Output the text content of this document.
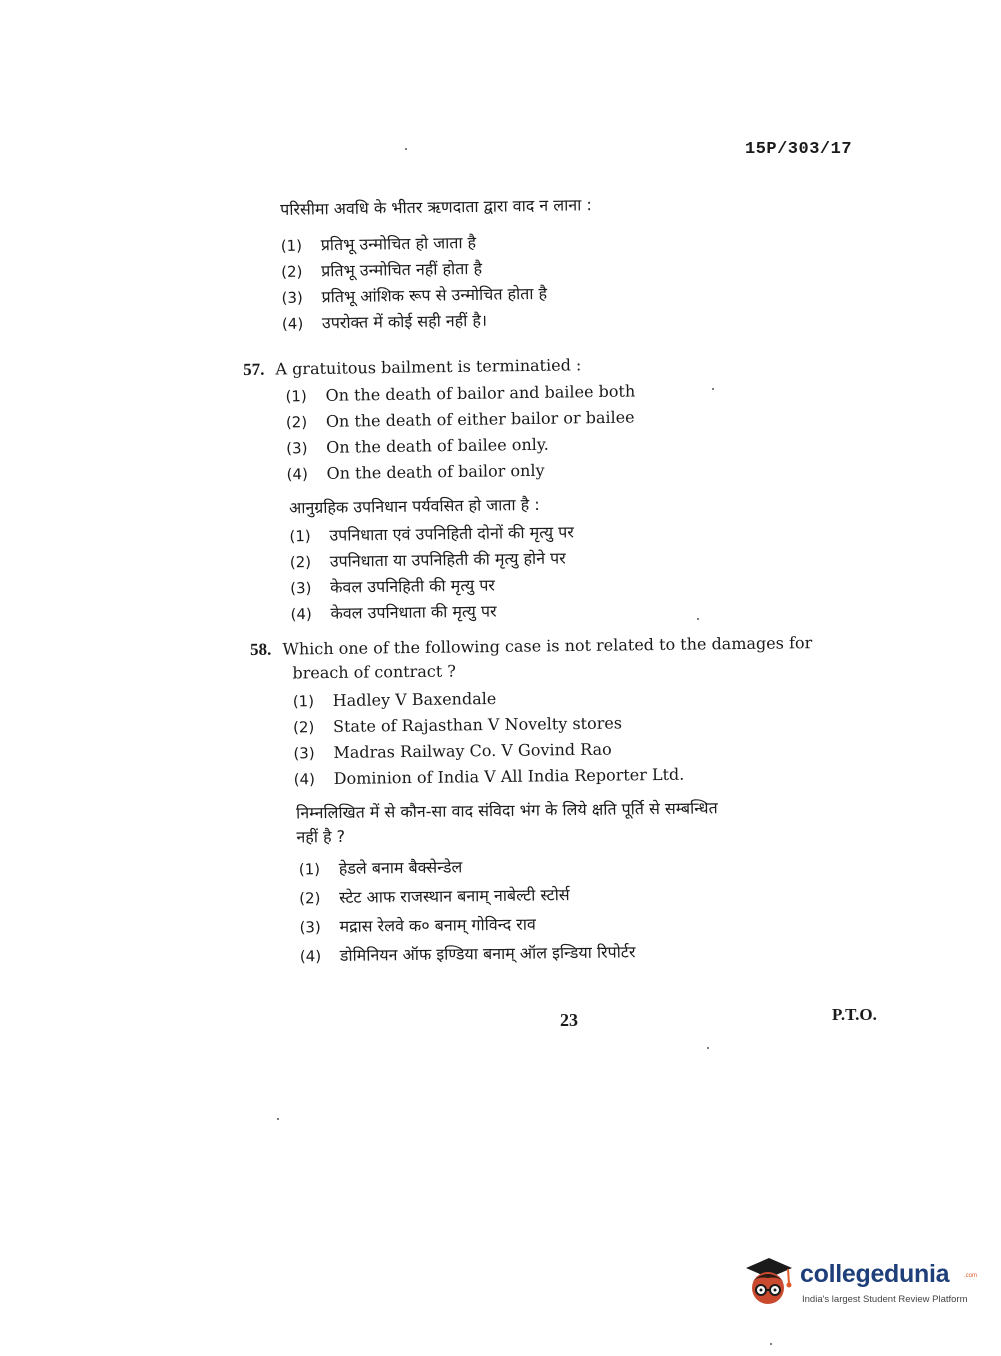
15P/303/17
परिसीमा अवधि के भीतर ऋणदाता द्वारा वाद न लाना :
(1) प्रतिभू उन्मोचित हो जाता है
(2) प्रतिभू उन्मोचित नहीं होता है
(3) प्रतिभू आंशिक रूप से उन्मोचित होता है
(4) उपरोक्त में कोई सही नहीं है।
57. A gratuitous bailment is terminatied :
(1) On the death of bailor and bailee both
(2) On the death of either bailor or bailee
(3) On the death of bailee only.
(4) On the death of bailor only
आनुग्रहिक उपनिधान पर्यवसित हो जाता है :
(1) उपनिधाता एवं उपनिहिती दोनों की मृत्यु पर
(2) उपनिधाता या उपनिहिती की मृत्यु होने पर
(3) केवल उपनिहिती की मृत्यु पर
(4) केवल उपनिधाता की मृत्यु पर
58. Which one of the following case is not related to the damages for
breach of contract ?
(1) Hadley V Baxendale
(2) State of Rajasthan V Novelty stores
(3) Madras Railway Co. V Govind Rao
(4) Dominion of India V All India Reporter Ltd.
निम्नलिखित में से कौन-सा वाद संविदा भंग के लिये क्षति पूर्ति से सम्बन्धित
नहीं है ?
(1) हेडले बनाम बैक्सेन्डेल
(2) स्टेट आफ राजस्थान बनाम् नाबेल्टी स्टोर्स
(3) मद्रास रेलवे क० बनाम् गोविन्द राव
(4) डोमिनियन ऑफ इण्डिया बनाम् ऑल इन्डिया रिपोर्टर
23	P.T.O.
collegedunia .com
India's largest Student Review Platform
